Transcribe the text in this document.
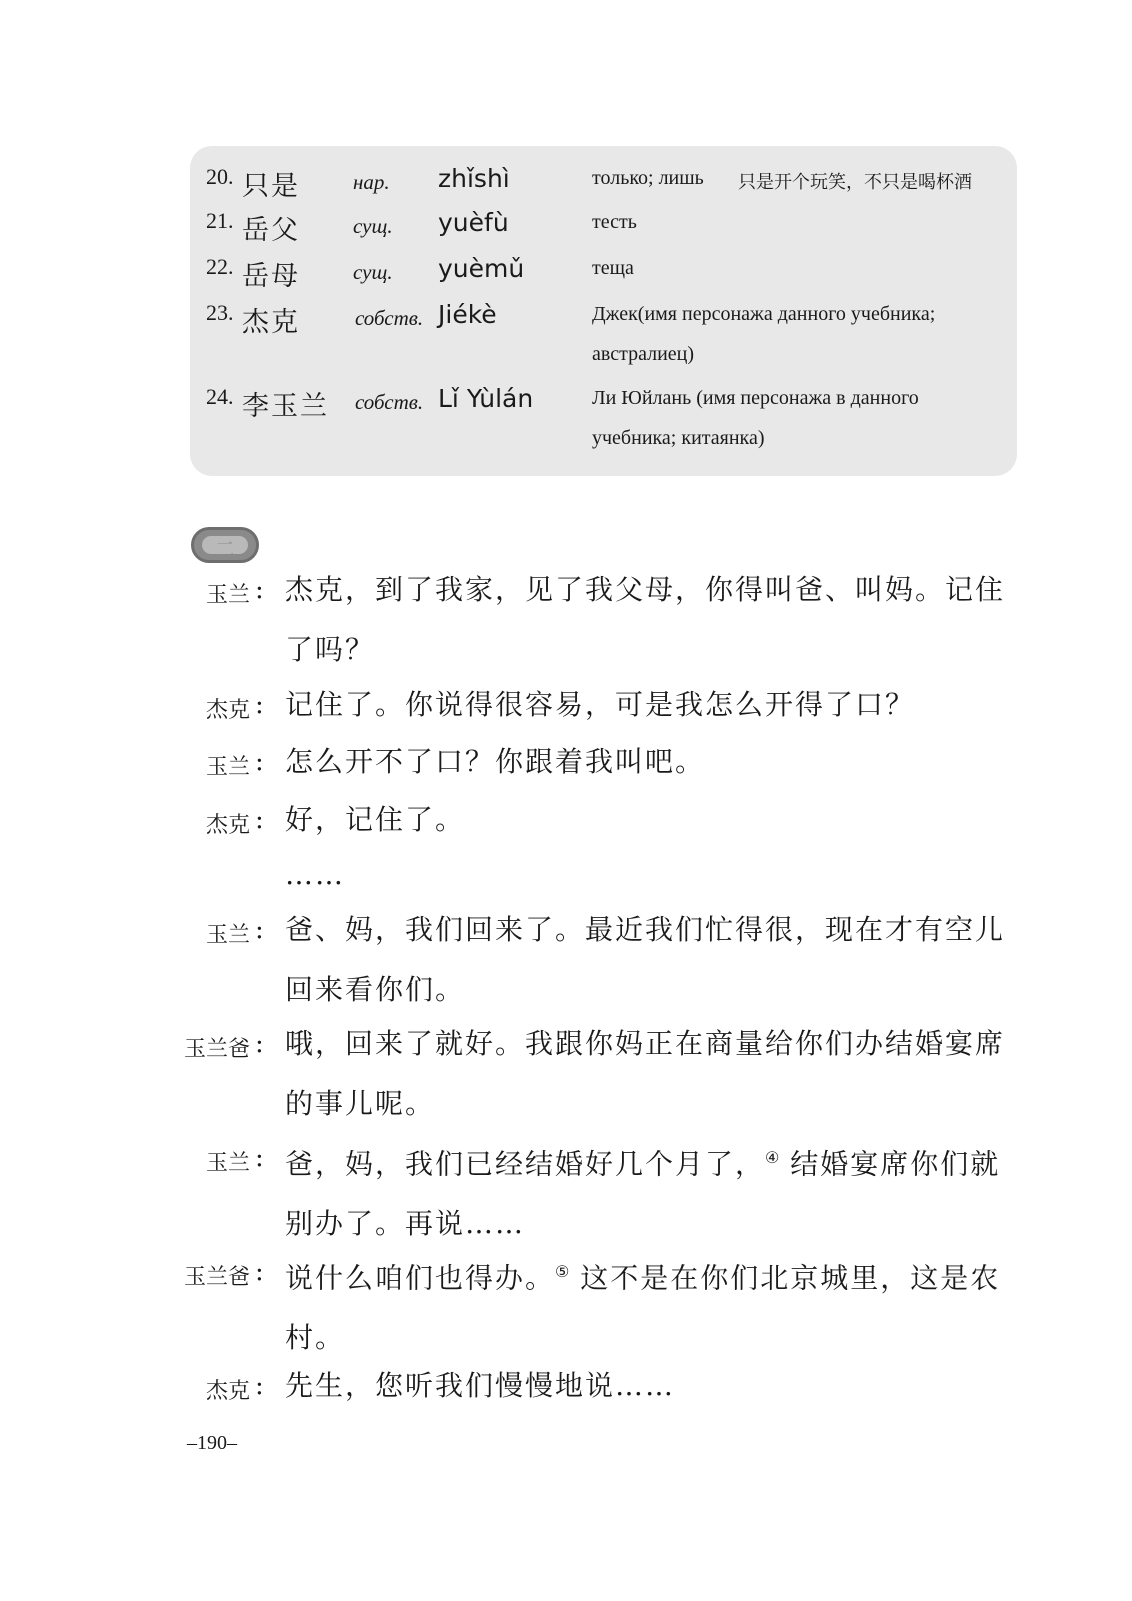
20. 只是	нар. zhǐshì	только; лишь	只是开个玩笑，不只是喝杯酒
21. 岳父	сущ. yuèfù	тесть
22. 岳母	сущ. yuèmǔ	теща
23. 杰克	собств. Jiékè	Джек(имя персонажа данного учебника; австралиец)
24. 李玉兰 собств. Lǐ Yùlán	Ли Юйлань (имя персонажа в данного учебника; китаянка)
二
玉兰 : 杰克，到了我家，见了我父母，你得叫爸、叫妈。记住了吗？
杰克 : 记住了。你说得很容易，可是我怎么开得了口？
玉兰 : 怎么开不了口？你跟着我叫吧。
杰克 : 好，记住了。
……
玉兰 : 爸、妈，我们回来了。最近我们忙得很，现在才有空儿回来看你们。
玉兰爸 : 哦，回来了就好。我跟你妈正在商量给你们办结婚宴席的事儿呢。
玉兰 : 爸，妈，我们已经结婚好几个月了，④ 结婚宴席你们就别办了。再说……
玉兰爸 : 说什么咱们也得办。⑤ 这不是在你们北京城里，这是农村。
杰克 : 先生，您听我们慢慢地说……
–190–
